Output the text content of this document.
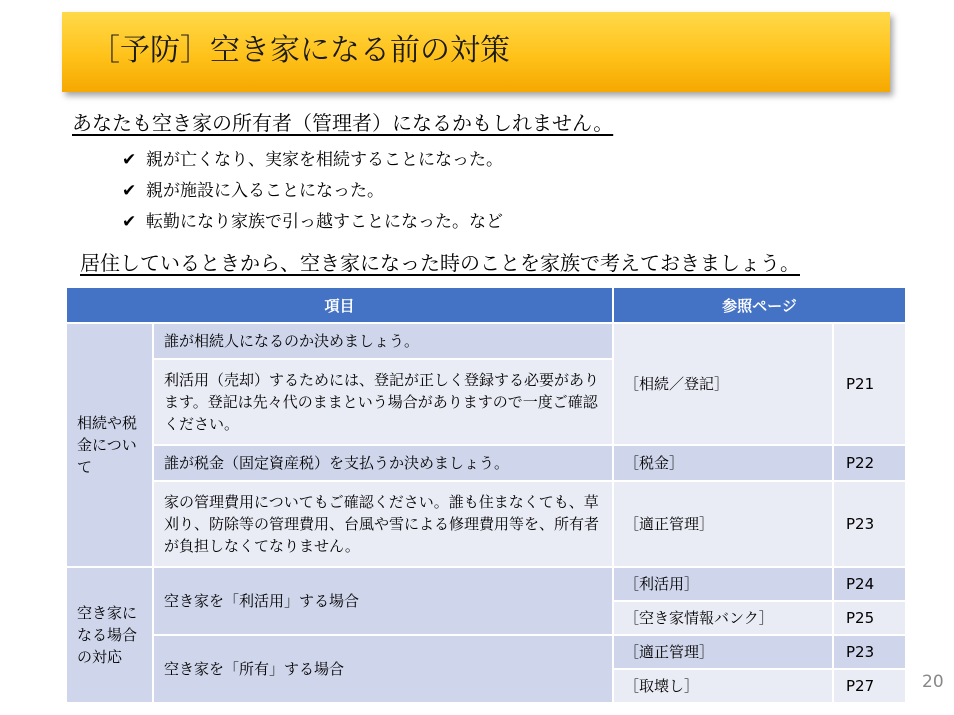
［予防］空き家になる前の対策
あなたも空き家の所有者（管理者）になるかもしれません。
✔ 親が亡くなり、実家を相続することになった。
✔ 親が施設に入ることになった。
✔ 転勤になり家族で引っ越すことになった。など
居住しているときから、空き家になった時のことを家族で考えておきましょう。
項目		参照ページ	
相続や税金について	誰が相続人になるのか決めましょう。	［相続／登記］	P21
	利活用（売却）するためには、登記が正しく登録する必要があります。登記は先々代のままという場合がありますので一度ご確認ください。		
	誰が税金（固定資産税）を支払うか決めましょう。	［税金］	P22
	家の管理費用についてもご確認ください。誰も住まなくても、草刈り、防除等の管理費用、台風や雪による修理費用等を、所有者が負担しなくてなりません。	［適正管理］	P23
空き家になる場合の対応	空き家を「利活用」する場合	［利活用］	P24
		［空き家情報バンク］	P25
	空き家を「所有」する場合	［適正管理］	P23
		［取壊し］	P27	20
